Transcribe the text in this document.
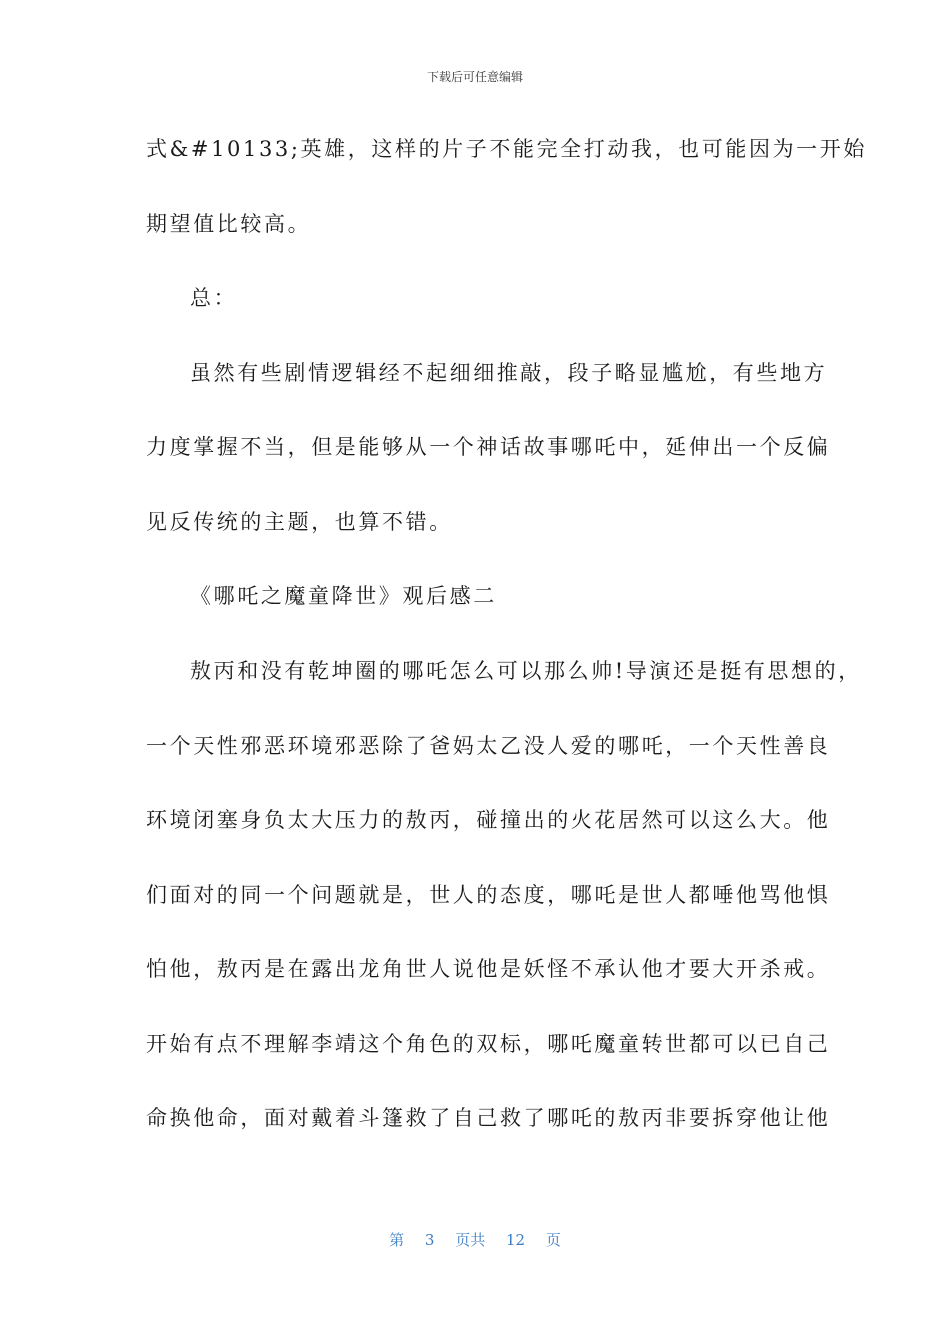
下载后可任意编辑
式&#10133;英雄，这样的片子不能完全打动我，也可能因为一开始
期望值比较高。
总：
虽然有些剧情逻辑经不起细细推敲，段子略显尴尬，有些地方
力度掌握不当，但是能够从一个神话故事哪吒中，延伸出一个反偏
见反传统的主题，也算不错。
《哪吒之魔童降世》观后感二
敖丙和没有乾坤圈的哪吒怎么可以那么帅!导演还是挺有思想的，
一个天性邪恶环境邪恶除了爸妈太乙没人爱的哪吒，一个天性善良
环境闭塞身负太大压力的敖丙，碰撞出的火花居然可以这么大。他
们面对的同一个问题就是，世人的态度，哪吒是世人都唾他骂他惧
怕他，敖丙是在露出龙角世人说他是妖怪不承认他才要大开杀戒。
开始有点不理解李靖这个角色的双标，哪吒魔童转世都可以已自己
命换他命，面对戴着斗篷救了自己救了哪吒的敖丙非要拆穿他让他
第 3 页共 12 页
